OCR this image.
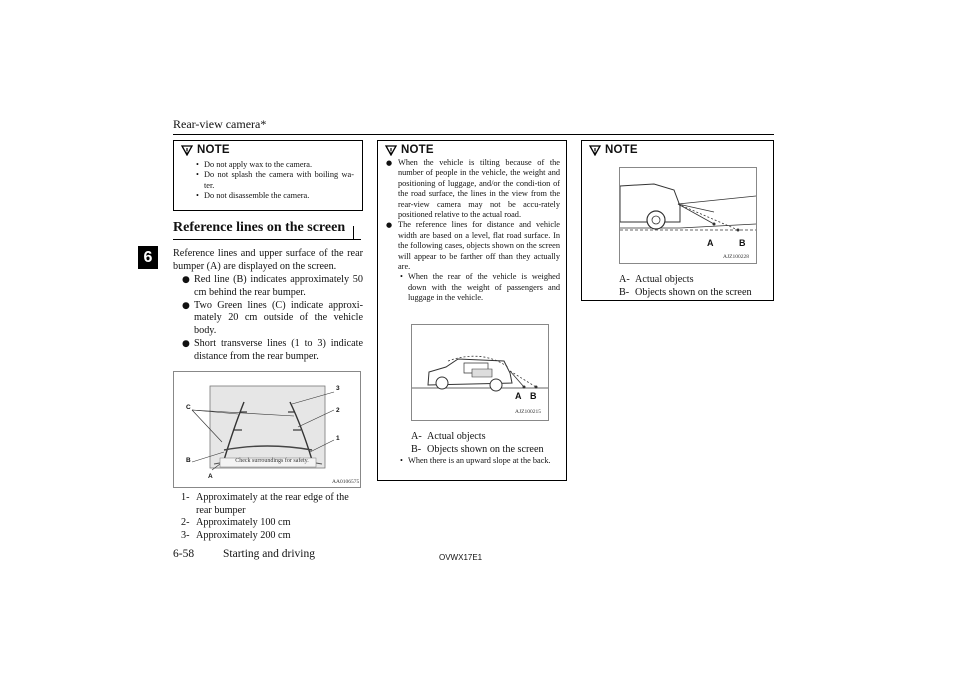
Rear-view camera*
6
NOTE
• Do not apply wax to the camera.
• Do not splash the camera with boiling wa-ter.
• Do not disassemble the camera.
Reference lines on the screen
Reference lines and upper surface of the rear bumper (A) are displayed on the screen.
● Red line (B) indicates approximately 50 cm behind the rear bumper.
● Two Green lines (C) indicate approxi-mately 20 cm outside of the vehicle body.
● Short transverse lines (1 to 3) indicate distance from the rear bumper.
Check surroundings for safety.
C
B
A
3
2
1
AA0106575
1- Approximately at the rear edge of the rear bumper
2- Approximately 100 cm
3- Approximately 200 cm
NOTE
● When the vehicle is tilting because of the number of people in the vehicle, the weight and positioning of luggage, and/or the condi-tion of the road surface, the lines in the view from the rear-view camera may not be accu-rately positioned relative to the actual road.
● The reference lines for distance and vehicle width are based on a level, flat road surface. In the following cases, objects shown on the screen will appear to be farther off than they actually are.
• When the rear of the vehicle is weighed down with the weight of passengers and luggage in the vehicle.
A B
AJZ100215
A- Actual objects
B- Objects shown on the screen
• When there is an upward slope at the back.
NOTE
A	B
AJZ100228
A- Actual objects
B- Objects shown on the screen
6-58	Starting and driving	OVWX17E1
